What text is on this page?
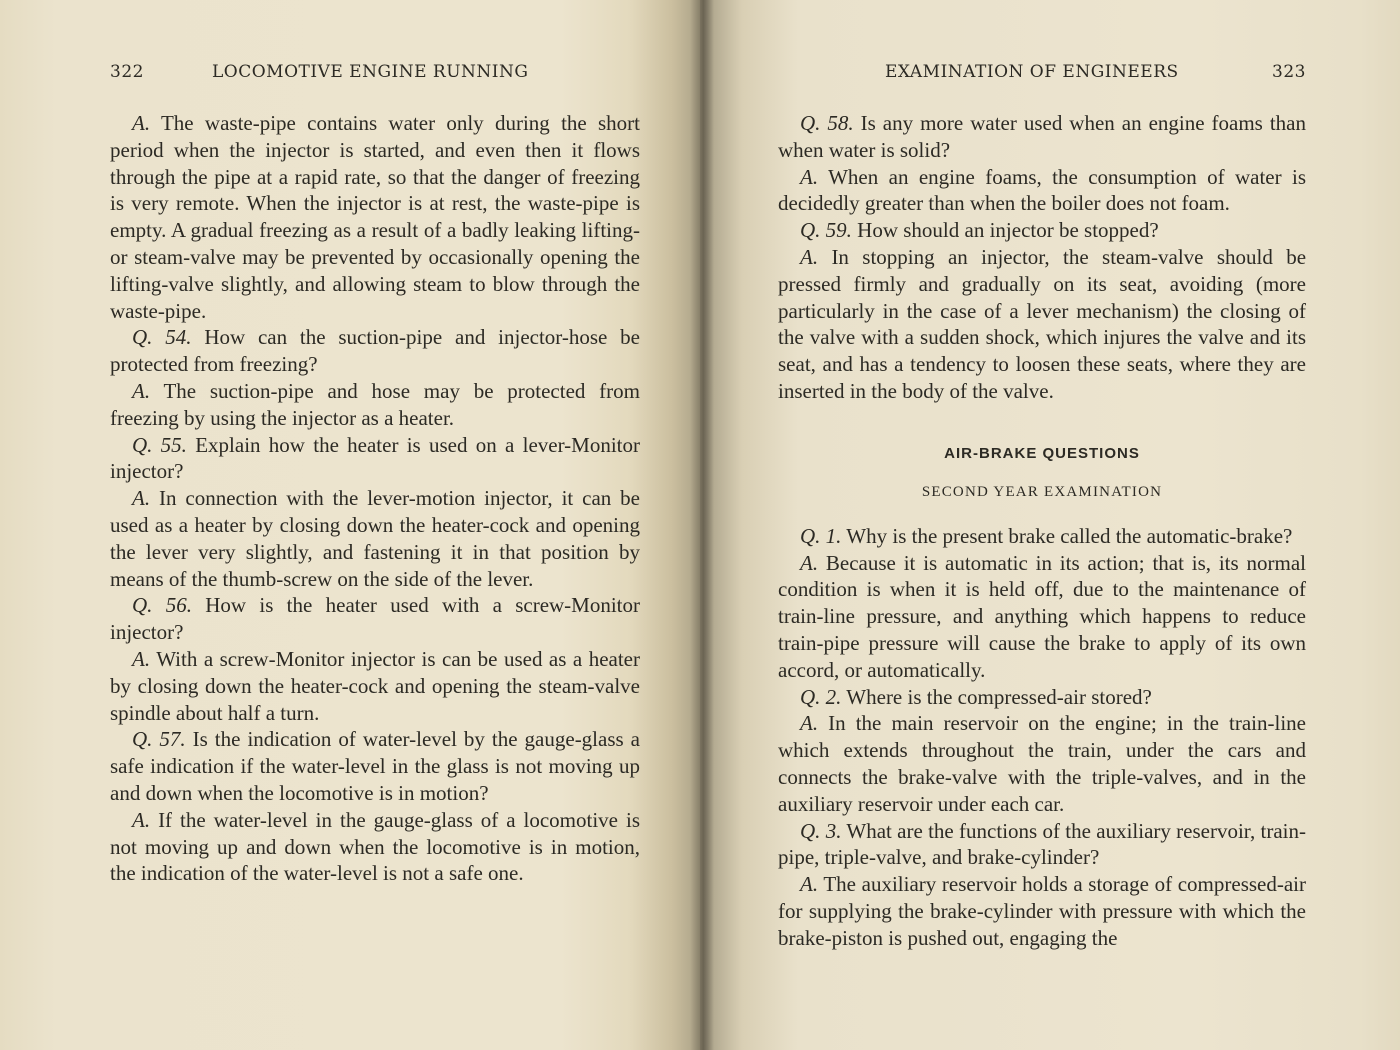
322	LOCOMOTIVE ENGINE RUNNING

A. The waste-pipe contains water only during the short period when the injector is started, and even then it flows through the pipe at a rapid rate, so that the danger of freezing is very remote. When the injector is at rest, the waste-pipe is empty. A gradual freezing as a result of a badly leaking lifting- or steam-valve may be prevented by occasionally opening the lifting-valve slightly, and allowing steam to blow through the waste-pipe.

Q. 54. How can the suction-pipe and injector-hose be protected from freezing?

A. The suction-pipe and hose may be protected from freezing by using the injector as a heater.

Q. 55. Explain how the heater is used on a lever-Monitor injector?

A. In connection with the lever-motion injector, it can be used as a heater by closing down the heater-cock and opening the lever very slightly, and fastening it in that position by means of the thumb-screw on the side of the lever.

Q. 56. How is the heater used with a screw-Monitor injector?

A. With a screw-Monitor injector is can be used as a heater by closing down the heater-cock and opening the steam-valve spindle about half a turn.

Q. 57. Is the indication of water-level by the gauge-glass a safe indication if the water-level in the glass is not moving up and down when the locomotive is in motion?

A. If the water-level in the gauge-glass of a locomotive is not moving up and down when the locomotive is in motion, the indication of the water-level is not a safe one.

EXAMINATION OF ENGINEERS	323

Q. 58. Is any more water used when an engine foams than when water is solid?

A. When an engine foams, the consumption of water is decidedly greater than when the boiler does not foam.

Q. 59. How should an injector be stopped?

A. In stopping an injector, the steam-valve should be pressed firmly and gradually on its seat, avoiding (more particularly in the case of a lever mechanism) the closing of the valve with a sudden shock, which injures the valve and its seat, and has a tendency to loosen these seats, where they are inserted in the body of the valve.

AIR-BRAKE QUESTIONS
SECOND YEAR EXAMINATION

Q. 1. Why is the present brake called the automatic-brake?

A. Because it is automatic in its action; that is, its normal condition is when it is held off, due to the maintenance of train-line pressure, and anything which happens to reduce train-pipe pressure will cause the brake to apply of its own accord, or automatically.

Q. 2. Where is the compressed-air stored?

A. In the main reservoir on the engine; in the train-line which extends throughout the train, under the cars and connects the brake-valve with the triple-valves, and in the auxiliary reservoir under each car.

Q. 3. What are the functions of the auxiliary reservoir, train-pipe, triple-valve, and brake-cylinder?

A. The auxiliary reservoir holds a storage of compressed-air for supplying the brake-cylinder with pressure with which the brake-piston is pushed out, engaging the
